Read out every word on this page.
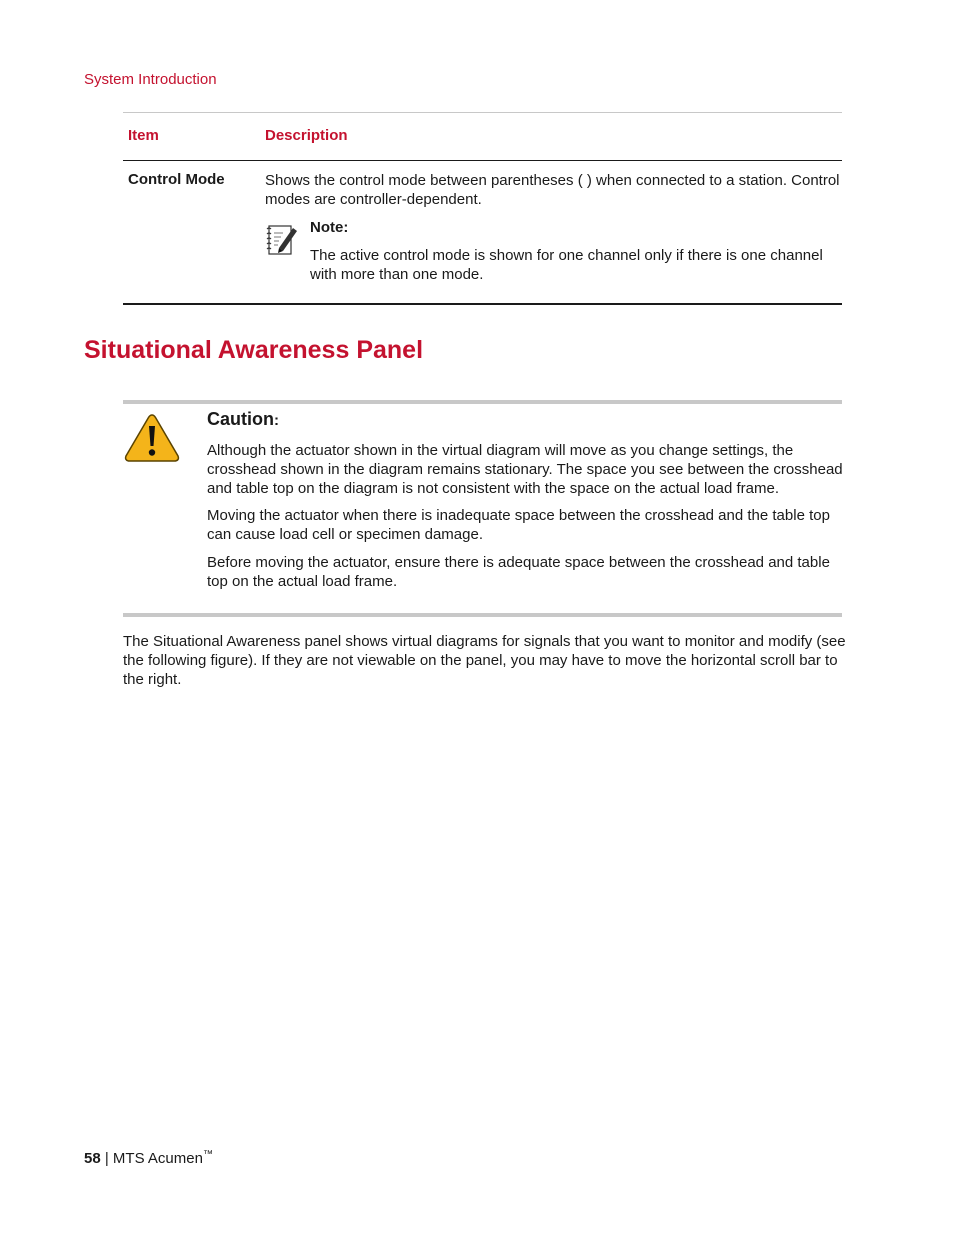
System Introduction
Item	Description
Control Mode	Shows the control mode between parentheses ( ) when connected to a station. Control modes are controller-dependent.
Note:
The active control mode is shown for one channel only if there is one channel with more than one mode.
Situational Awareness Panel
Caution:

Although the actuator shown in the virtual diagram will move as you change settings, the crosshead shown in the diagram remains stationary. The space you see between the crosshead and table top on the diagram is not consistent with the space on the actual load frame.

Moving the actuator when there is inadequate space between the crosshead and the table top can cause load cell or specimen damage.

Before moving the actuator, ensure there is adequate space between the crosshead and table top on the actual load frame.

The Situational Awareness panel shows virtual diagrams for signals that you want to monitor and modify (see the following figure). If they are not viewable on the panel, you may have to move the horizontal scroll bar to the right.

58 | MTS Acumen™
